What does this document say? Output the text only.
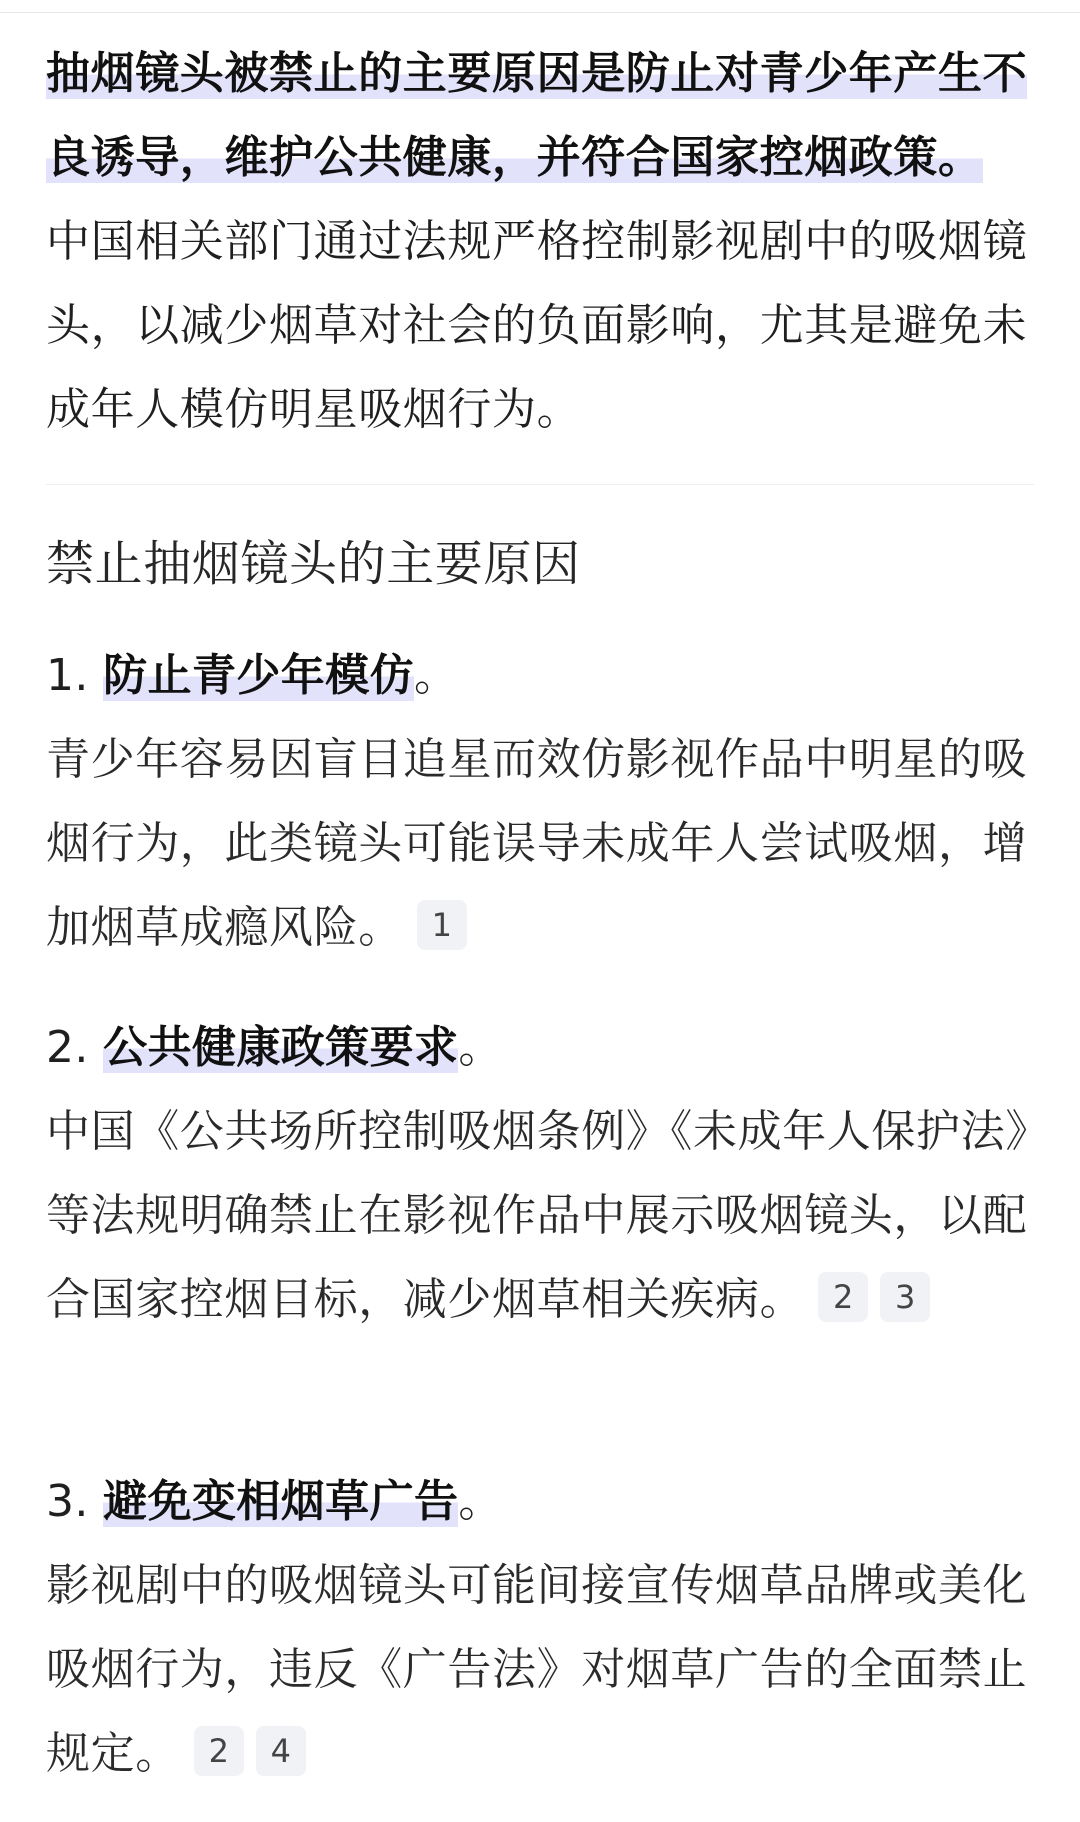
抽烟镜头被禁止的主要原因是防止对青少年产生不良诱导，维护公共健康，并符合国家控烟政策。 中国相关部门通过法规严格控制影视剧中的吸烟镜头，以减少烟草对社会的负面影响，尤其是避免未成年人模仿明星吸烟行为。

禁止抽烟镜头的主要原因
1. 防止青少年模仿。
青少年容易因盲目追星而效仿影视作品中明星的吸烟行为，此类镜头可能误导未成年人尝试吸烟，增加烟草成瘾风险。 1
2. 公共健康政策要求。
中国《公共场所控制吸烟条例》《未成年人保护法》等法规明确禁止在影视作品中展示吸烟镜头，以配合国家控烟目标，减少烟草相关疾病。 2 3
3. 避免变相烟草广告。
影视剧中的吸烟镜头可能间接宣传烟草品牌或美化吸烟行为，违反《广告法》对烟草广告的全面禁止规定。 2 4
